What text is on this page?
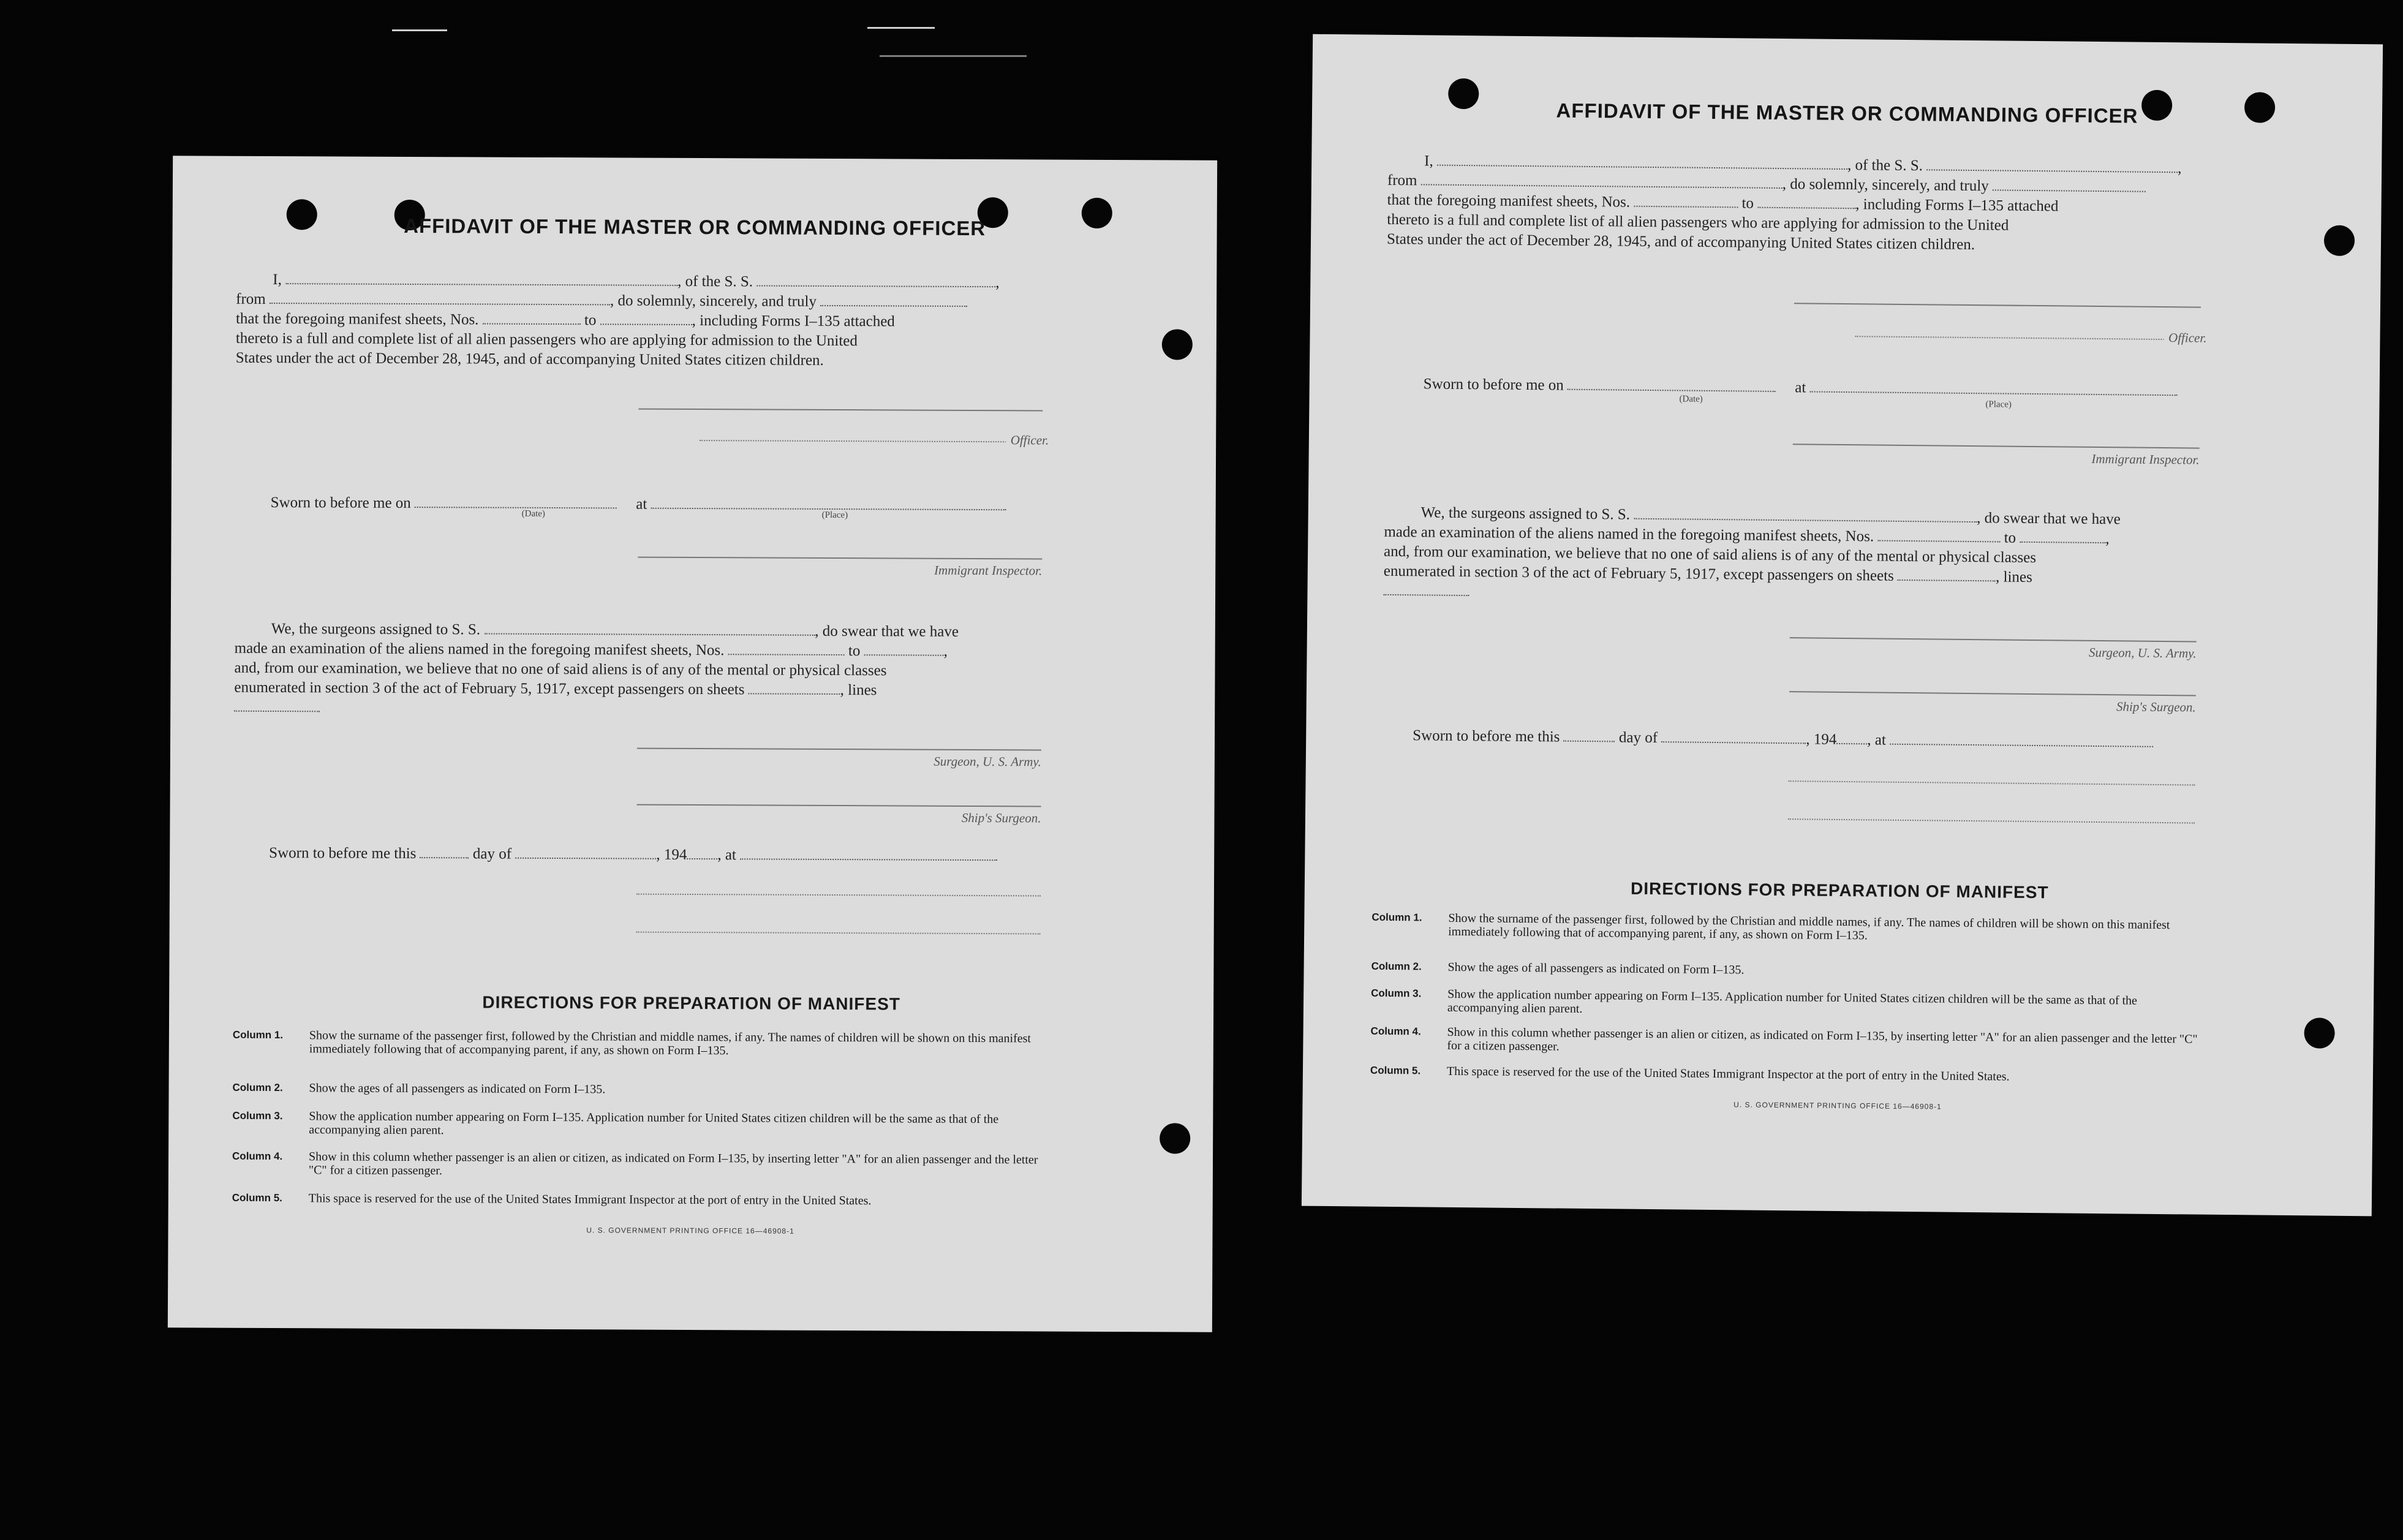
AFFIDAVIT OF THE MASTER OR COMMANDING OFFICER
I,	, of the S. S.	,
from	, do solemnly, sincerely, and truly
that the foregoing manifest sheets, Nos.	to	, including Forms I–135 attached
thereto is a full and complete list of all alien passengers who are applying for admission to the United
States under the act of December 28, 1945, and of accompanying United States citizen children.
Officer.
Sworn to before me on	at
(Date)	(Place)
Immigrant Inspector.
We, the surgeons assigned to S. S.	, do swear that we have
made an examination of the aliens named in the foregoing manifest sheets, Nos.	to	,
and, from our examination, we believe that no one of said aliens is of any of the mental or physical classes
enumerated in section 3 of the act of February 5, 1917, except passengers on sheets	, lines
Surgeon, U. S. Army.
Ship's Surgeon.
Sworn to before me this	day of	, 194 , at
DIRECTIONS FOR PREPARATION OF MANIFEST
Column 1.	Show the surname of the passenger first, followed by the Christian and middle names, if any. The names of children will be shown on this manifest immediately following that of accompanying parent, if any, as shown on Form I–135.
Column 2.	Show the ages of all passengers as indicated on Form I–135.
Column 3.	Show the application number appearing on Form I–135. Application number for United States citizen children will be the same as that of the accompanying alien parent.
Column 4.	Show in this column whether passenger is an alien or citizen, as indicated on Form I–135, by inserting letter "A" for an alien passenger and the letter "C" for a citizen passenger.
Column 5.	This space is reserved for the use of the United States Immigrant Inspector at the port of entry in the United States.
U. S. GOVERNMENT PRINTING OFFICE 16—46908-1
AFFIDAVIT OF THE MASTER OR COMMANDING OFFICER
I,	, of the S. S.	,
from	, do solemnly, sincerely, and truly
that the foregoing manifest sheets, Nos.	to	, including Forms I–135 attached
thereto is a full and complete list of all alien passengers who are applying for admission to the United
States under the act of December 28, 1945, and of accompanying United States citizen children.
Officer.
Sworn to before me on	at
(Date)
(Place)
Immigrant Inspector.
We, the surgeons assigned to S. S.	, do swear that we have
made an examination of the aliens named in the foregoing manifest sheets, Nos.	to	,
and, from our examination, we believe that no one of said aliens is of any of the mental or physical classes
enumerated in section 3 of the act of February 5, 1917, except passengers on sheets	, lines
Surgeon, U. S. Army.
Ship's Surgeon.
Sworn to before me this	day of	, 194 , at
DIRECTIONS FOR PREPARATION OF MANIFEST
Column 1.	Show the surname of the passenger first, followed by the Christian and middle names, if any. The names of children will be shown on this manifest immediately following that of accompanying parent, if any, as shown on Form I–135.
Column 2.	Show the ages of all passengers as indicated on Form I–135.
Column 3.	Show the application number appearing on Form I–135. Application number for United States citizen children will be the same as that of the accompanying alien parent.
Column 4.	Show in this column whether passenger is an alien or citizen, as indicated on Form I–135, by inserting letter "A" for an alien passenger and the letter "C" for a citizen passenger.
Column 5.	This space is reserved for the use of the United States Immigrant Inspector at the port of entry in the United States.
U. S. GOVERNMENT PRINTING OFFICE 16—46908-1
